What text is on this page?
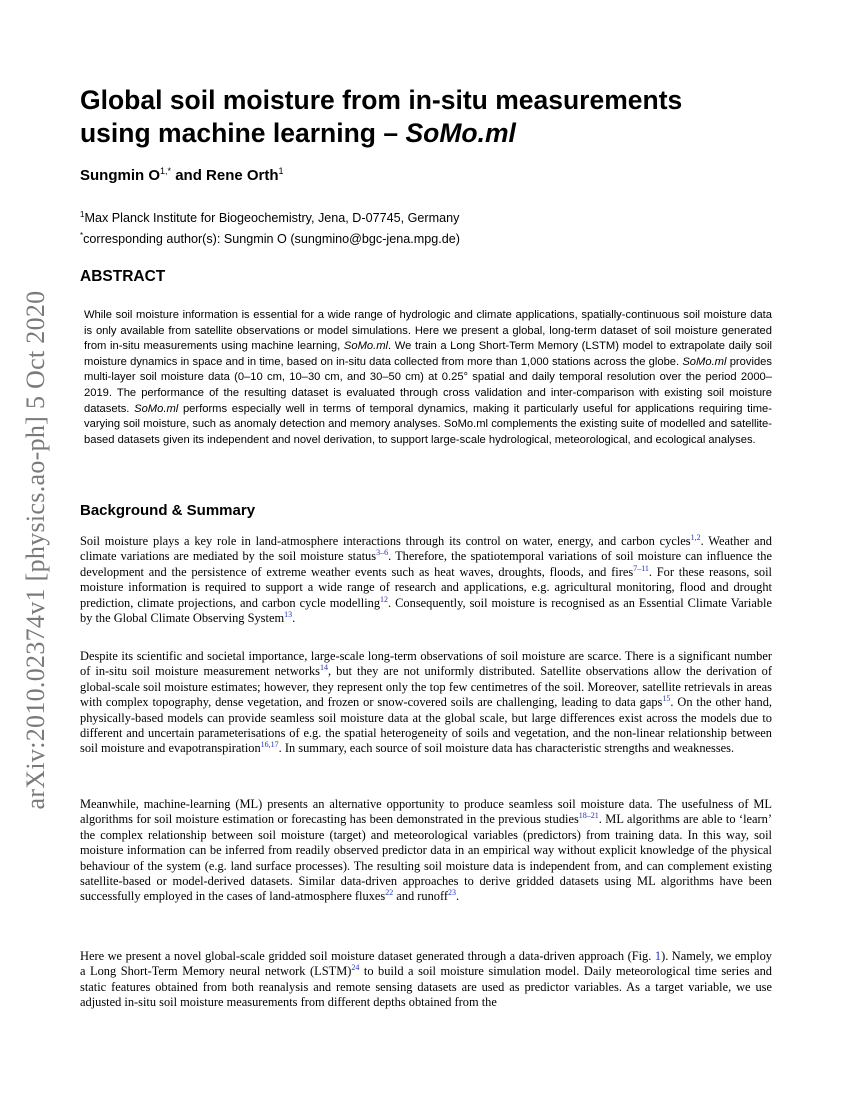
arXiv:2010.02374v1 [physics.ao-ph] 5 Oct 2020
Global soil moisture from in-situ measurements
using machine learning – SoMo.ml
Sungmin $O^{1,*}$ and Rene Orth$^1$
$^1$Max Planck Institute for Biogeochemistry, Jena, D-07745, Germany
*corresponding author(s): Sungmin O (sungmino@bgc-jena.mpg.de)
ABSTRACT

While soil moisture information is essential for a wide range of hydrologic and climate applications, spatially-continuous soil moisture data is only available from satellite observations or model simulations. Here we present a global, long-term dataset of soil moisture generated from in-situ measurements using machine learning, SoMo.ml. We train a Long Short-Term Memory (LSTM) model to extrapolate daily soil moisture dynamics in space and in time, based on in-situ data collected from more than 1,000 stations across the globe. SoMo.ml provides multi-layer soil moisture data (0–10 cm, 10–30 cm, and 30–50 cm) at 0.25° spatial and daily temporal resolution over the period 2000–2019. The performance of the resulting dataset is evaluated through cross validation and inter-comparison with existing soil moisture datasets. SoMo.ml performs especially well in terms of temporal dynamics, making it particularly useful for applications requiring time-varying soil moisture, such as anomaly detection and memory analyses. SoMo.ml complements the existing suite of modelled and satellite-based datasets given its independent and novel derivation, to support large-scale hydrological, meteorological, and ecological analyses.

Background & Summary

Soil moisture plays a key role in land-atmosphere interactions through its control on water, energy, and carbon cycles$^{1,2}$. Weather and climate variations are mediated by the soil moisture status$^{3-6}$. Therefore, the spatiotemporal variations of soil moisture can influence the development and the persistence of extreme weather events such as heat waves, droughts, floods, and fires$^{7-11}$. For these reasons, soil moisture information is required to support a wide range of research and applications, e.g. agricultural monitoring, flood and drought prediction, climate projections, and carbon cycle modelling$^{12}$. Consequently, soil moisture is recognised as an Essential Climate Variable by the Global Climate Observing System$^{13}$.

Despite its scientific and societal importance, large-scale long-term observations of soil moisture are scarce. There is a significant number of in-situ soil moisture measurement networks$^{14}$, but they are not uniformly distributed. Satellite observations allow the derivation of global-scale soil moisture estimates; however, they represent only the top few centimetres of the soil. Moreover, satellite retrievals in areas with complex topography, dense vegetation, and frozen or snow-covered soils are challenging, leading to data gaps$^{15}$. On the other hand, physically-based models can provide seamless soil moisture data at the global scale, but large differences exist across the models due to different and uncertain parameterisations of e.g. the spatial heterogeneity of soils and vegetation, and the non-linear relationship between soil moisture and evapotranspiration$^{16,17}$. In summary, each source of soil moisture data has characteristic strengths and weaknesses.

Meanwhile, machine-learning (ML) presents an alternative opportunity to produce seamless soil moisture data. The usefulness of ML algorithms for soil moisture estimation or forecasting has been demonstrated in the previous studies$^{18-21}$. ML algorithms are able to ‘learn’ the complex relationship between soil moisture (target) and meteorological variables (predictors) from training data. In this way, soil moisture information can be inferred from readily observed predictor data in an empirical way without explicit knowledge of the physical behaviour of the system (e.g. land surface processes). The resulting soil moisture data is independent from, and can complement existing satellite-based or model-derived datasets. Similar data-driven approaches to derive gridded datasets using ML algorithms have been successfully employed in the cases of land-atmosphere fluxes$^{22}$ and runoff$^{23}$.

Here we present a novel global-scale gridded soil moisture dataset generated through a data-driven approach (Fig. 1). Namely, we employ a Long Short-Term Memory neural network (LSTM)$^{24}$ to build a soil moisture simulation model. Daily meteorological time series and static features obtained from both reanalysis and remote sensing datasets are used as predictor variables. As a target variable, we use adjusted in-situ soil moisture measurements from different depths obtained from the
